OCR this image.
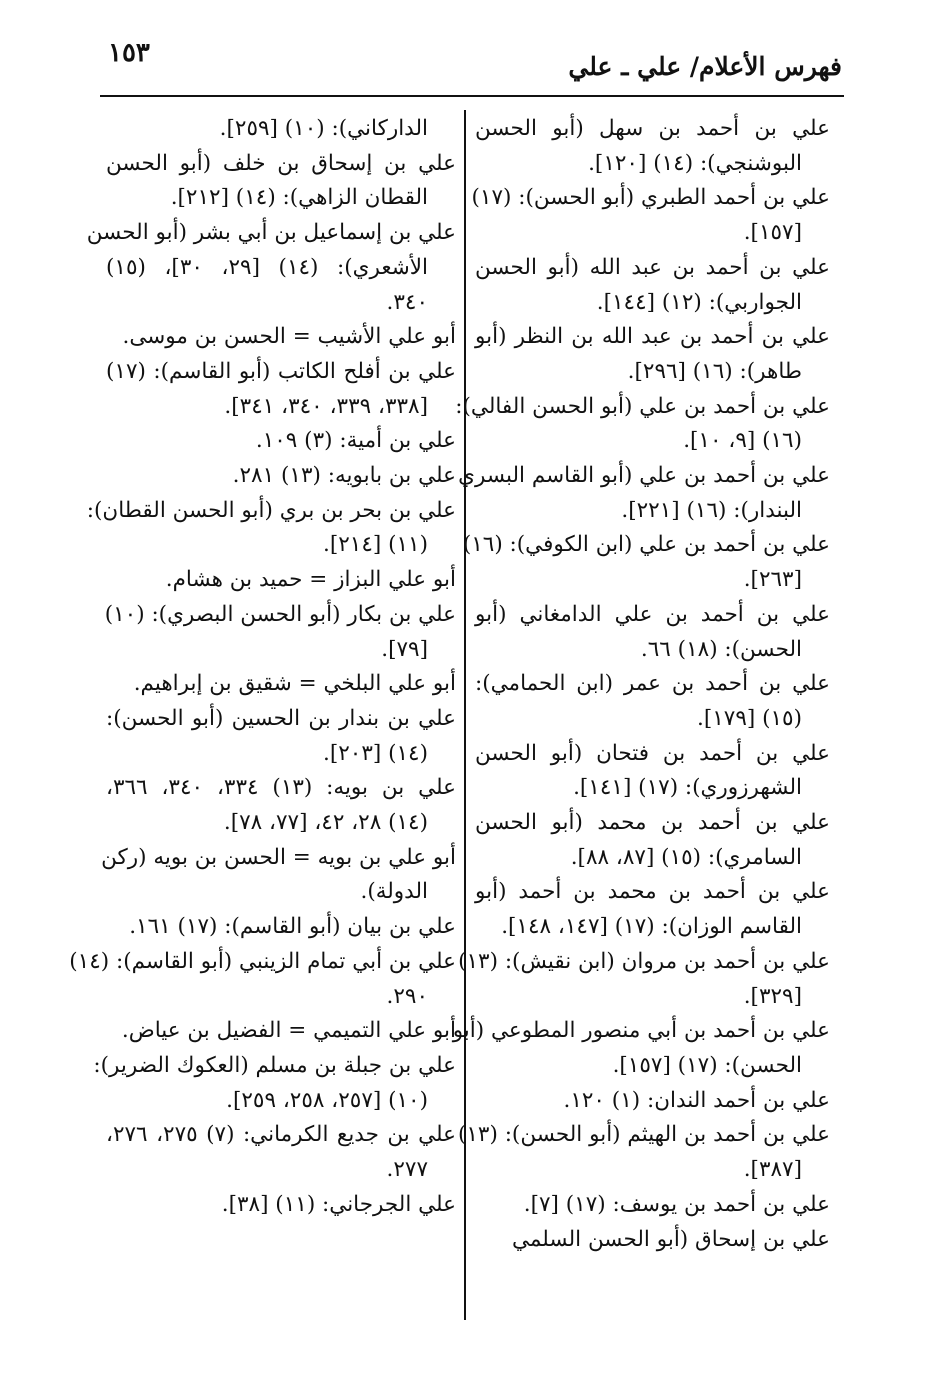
فهرس الأعلام/ علي ـ علي
١٥٣
علي بن أحمد بن سهل (أبو الحسن
البوشنجي): (١٤) [١٢٠].
علي بن أحمد الطبري (أبو الحسن): (١٧)
[١٥٧].
علي بن أحمد بن عبد الله (أبو الحسن
الجواربي): (١٢) [١٤٤].
علي بن أحمد بن عبد الله بن النظر (أبو
طاهر): (١٦) [٢٩٦].
علي بن أحمد بن علي (أبو الحسن الفالي):
(١٦) [٩، ١٠].
علي بن أحمد بن علي (أبو القاسم البسري
البندار): (١٦) [٢٢١].
علي بن أحمد بن علي (ابن الكوفي): (١٦)
[٢٦٣].
علي بن أحمد بن علي الدامغاني (أبو
الحسن): (١٨) ٦٦.
علي بن أحمد بن عمر (ابن الحمامي):
(١٥) [١٧٩].
علي بن أحمد بن فتحان (أبو الحسن
الشهرزوري): (١٧) [١٤١].
علي بن أحمد بن محمد (أبو الحسن
السامري): (١٥) [٨٧، ٨٨].
علي بن أحمد بن محمد بن أحمد (أبو
القاسم الوزان): (١٧) [١٤٧، ١٤٨].
علي بن أحمد بن مروان (ابن نقيش): (١٣)
[٣٢٩].
علي بن أحمد بن أبي منصور المطوعي (أبو
الحسن): (١٧) [١٥٧].
علي بن أحمد الندان: (١) ١٢٠.
علي بن أحمد بن الهيثم (أبو الحسن): (١٣)
[٣٨٧].
علي بن أحمد بن يوسف: (١٧) [٧].
علي بن إسحاق (أبو الحسن السلمي
الداركاني): (١٠) [٢٥٩].
علي بن إسحاق بن خلف (أبو الحسن
القطان الزاهي): (١٤) [٢١٢].
علي بن إسماعيل بن أبي بشر (أبو الحسن
الأشعري): (١٤) [٢٩، ٣٠]، (١٥)
٣٤٠.
أبو علي الأشيب = الحسن بن موسى.
علي بن أفلح الكاتب (أبو القاسم): (١٧)
[٣٣٨، ٣٣٩، ٣٤٠، ٣٤١].
علي بن أمية: (٣) ١٠٩.
علي بن بابويه: (١٣) ٢٨١.
علي بن بحر بن بري (أبو الحسن القطان):
(١١) [٢١٤].
أبو علي البزاز = حميد بن هشام.
علي بن بكار (أبو الحسن البصري): (١٠)
[٧٩].
أبو علي البلخي = شقيق بن إبراهيم.
علي بن بندار بن الحسين (أبو الحسن):
(١٤) [٢٠٣].
علي بن بويه: (١٣) ٣٣٤، ٣٤٠، ٣٦٦،
(١٤) ٢٨، ٤٢، [٧٧، ٧٨].
أبو علي بن بويه = الحسن بن بويه (ركن
الدولة).
علي بن بيان (أبو القاسم): (١٧) ١٦١.
علي بن أبي تمام الزينبي (أبو القاسم): (١٤)
٢٩٠.
أبو علي التميمي = الفضيل بن عياض.
علي بن جبلة بن مسلم (العكوك الضرير):
(١٠) [٢٥٧، ٢٥٨، ٢٥٩].
علي بن جديع الكرماني: (٧) ٢٧٥، ٢٧٦،
٢٧٧.
علي الجرجاني: (١١) [٣٨].
